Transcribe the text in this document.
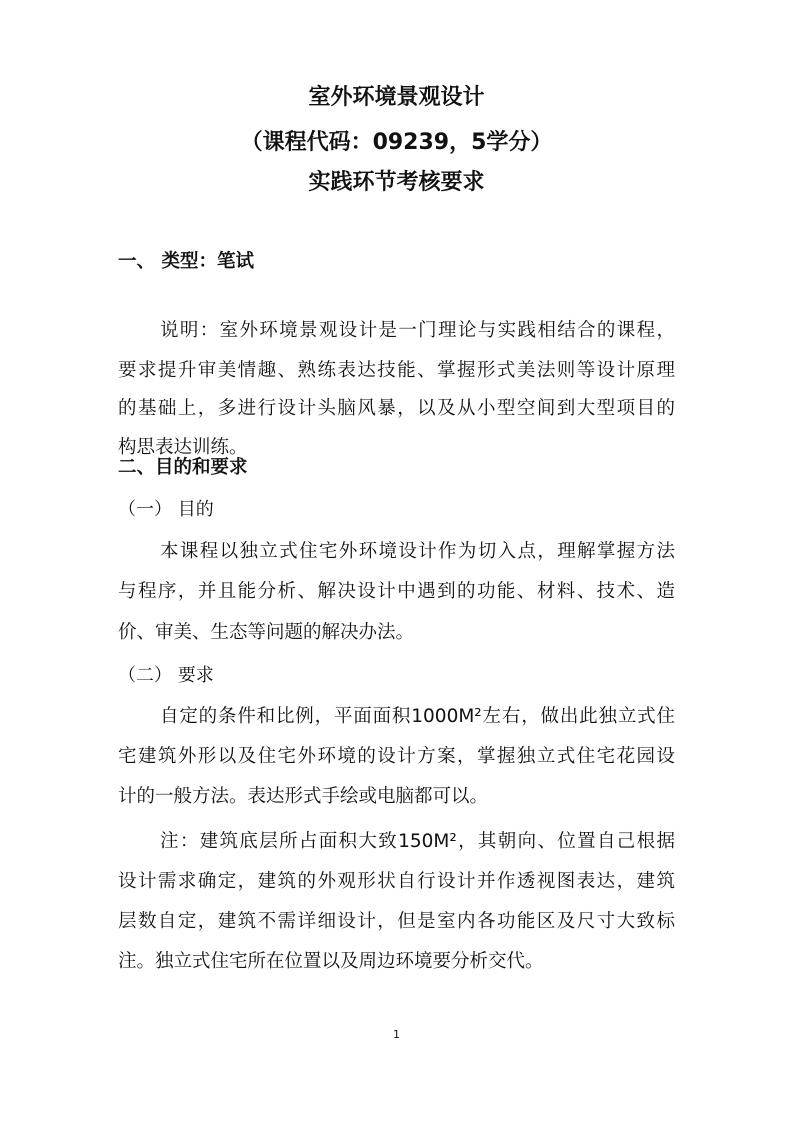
室外环境景观设计
（课程代码：09239，5学分）
实践环节考核要求
一、 类型：笔试
说明：室外环境景观设计是一门理论与实践相结合的课程，
要求提升审美情趣、熟练表达技能、掌握形式美法则等设计原理
的基础上，多进行设计头脑风暴，以及从小型空间到大型项目的
构思表达训练。
二、目的和要求
（一） 目的
本课程以独立式住宅外环境设计作为切入点，理解掌握方法
与程序，并且能分析、解决设计中遇到的功能、材料、技术、造
价、审美、生态等问题的解决办法。
（二） 要求
自定的条件和比例，平面面积1000M²左右，做出此独立式住
宅建筑外形以及住宅外环境的设计方案，掌握独立式住宅花园设
计的一般方法。表达形式手绘或电脑都可以。
注：建筑底层所占面积大致150M²，其朝向、位置自己根据
设计需求确定，建筑的外观形状自行设计并作透视图表达，建筑
层数自定，建筑不需详细设计，但是室内各功能区及尺寸大致标
注。独立式住宅所在位置以及周边环境要分析交代。
1
